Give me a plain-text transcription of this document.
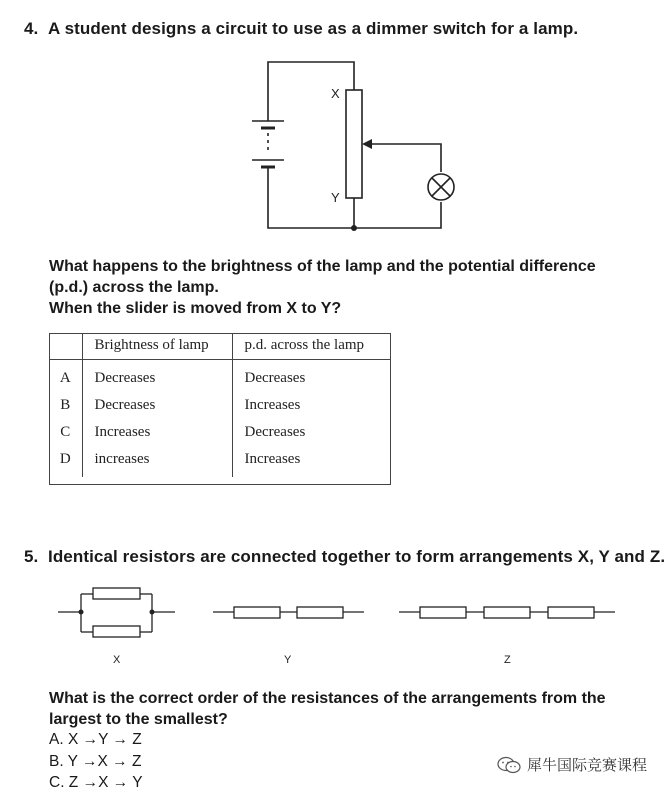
4. A student designs a circuit to use as a dimmer switch for a lamp.
X
Y
What happens to the brightness of the lamp and the potential difference
(p.d.) across the lamp.
When the slider is moved from X to Y?
	Brightness of lamp	p.d. across the lamp
A	Decreases	Decreases
B	Decreases	Increases
C	Increases	Decreases
D	increases	Increases
5. Identical resistors are connected together to form arrangements X, Y and Z.
X	Y	Z
What is the correct order of the resistances of the arrangements from the
largest to the smallest?
A. X →Y → Z
B. Y →X → Z
C. Z →X → Y
犀牛国际竞赛课程
